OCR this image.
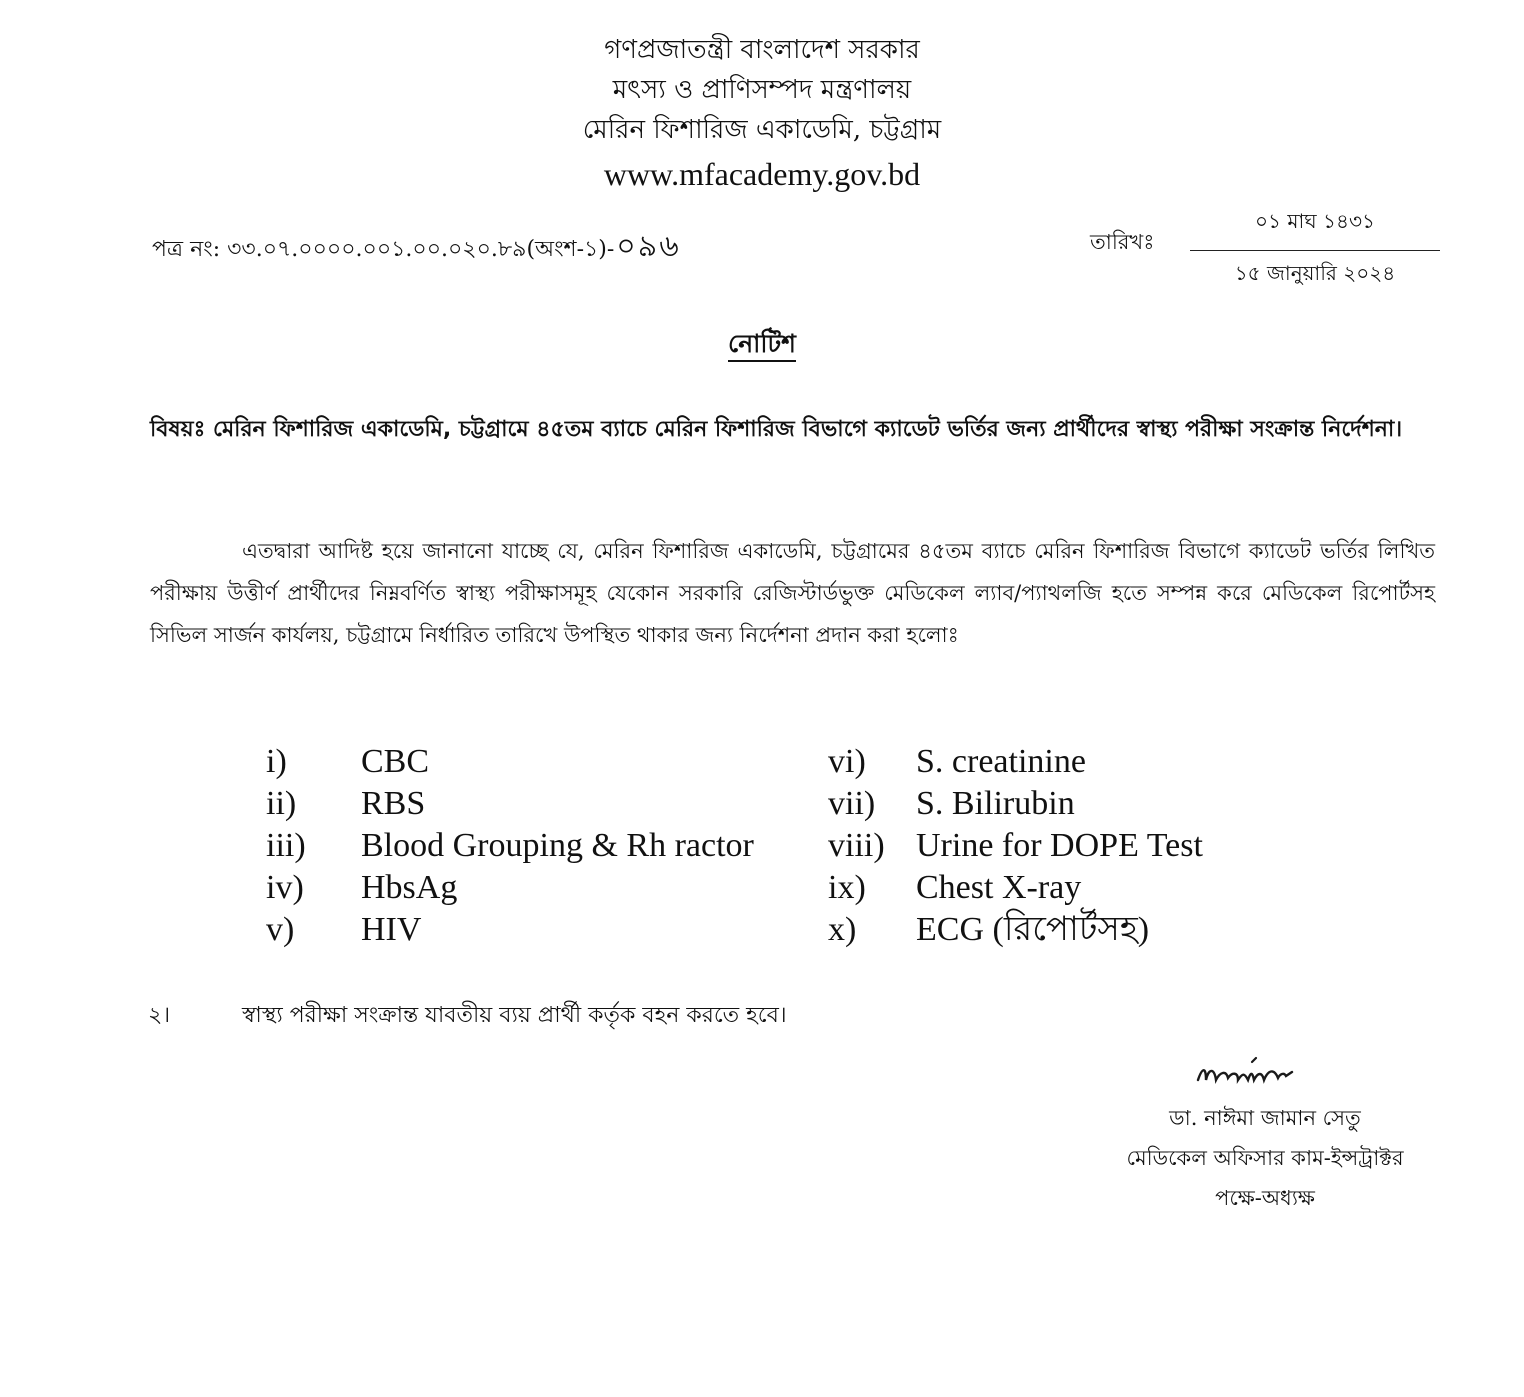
গণপ্রজাতন্ত্রী বাংলাদেশ সরকার
মৎস্য ও প্রাণিসম্পদ মন্ত্রণালয়
মেরিন ফিশারিজ একাডেমি, চট্টগ্রাম
www.mfacademy.gov.bd
পত্র নং: ৩৩.০৭.০০০০.০০১.০০.০২০.৮৯(অংশ-১)-০৯৬	তারিখঃ
০১ মাঘ ১৪৩১
১৫ জানুয়ারি ২০২৪
নোটিশ
বিষয়ঃ মেরিন ফিশারিজ একাডেমি, চট্টগ্রামে ৪৫তম ব্যাচে মেরিন ফিশারিজ বিভাগে ক্যাডেট ভর্তির জন্য প্রার্থীদের স্বাস্থ্য পরীক্ষা সংক্রান্ত নির্দেশনা।
এতদ্বারা আদিষ্ট হয়ে জানানো যাচ্ছে যে, মেরিন ফিশারিজ একাডেমি, চট্টগ্রামের ৪৫তম ব্যাচে মেরিন ফিশারিজ বিভাগে ক্যাডেট ভর্তির লিখিত পরীক্ষায় উত্তীর্ণ প্রার্থীদের নিম্নবর্ণিত স্বাস্থ্য পরীক্ষাসমূহ যেকোন সরকারি রেজিস্টার্ডভুক্ত মেডিকেল ল্যাব/প্যাথলজি হতে সম্পন্ন করে মেডিকেল রিপোর্টসহ সিভিল সার্জন কার্যলয়, চট্টগ্রামে নির্ধারিত তারিখে উপস্থিত থাকার জন্য নির্দেশনা প্রদান করা হলোঃ
i) CBC
ii) RBS
iii) Blood Grouping & Rh ractor
iv) HbsAg
v) HIV
vi) S. creatinine
vii) S. Bilirubin
viii) Urine for DOPE Test
ix) Chest X-ray
x) ECG (রিপোর্টসহ)
২।	স্বাস্থ্য পরীক্ষা সংক্রান্ত যাবতীয় ব্যয় প্রার্থী কর্তৃক বহন করতে হবে।
ডা. নাঈমা জামান সেতু
মেডিকেল অফিসার কাম-ইন্সট্রাক্টর
পক্ষে-অধ্যক্ষ
